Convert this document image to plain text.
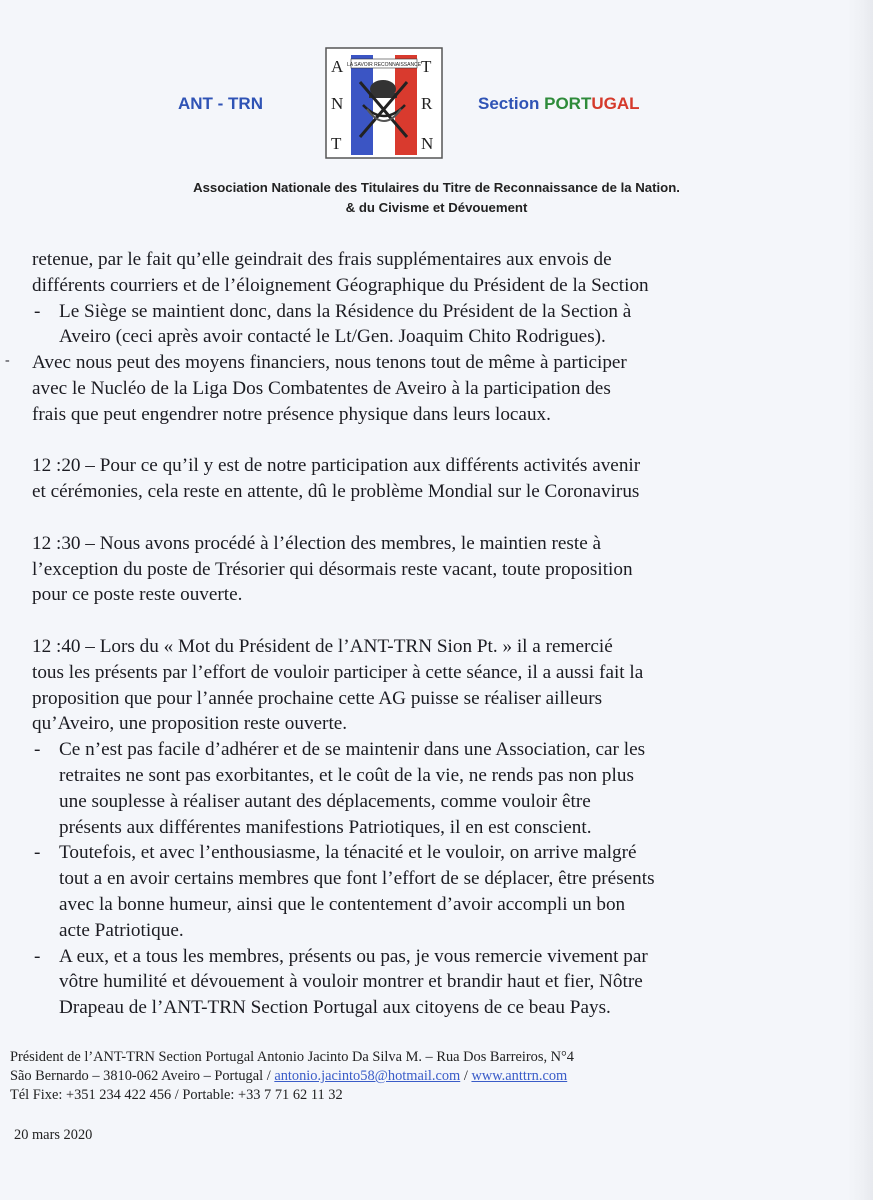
ANT - TRN
LA SAVOIR RECONNAISSANCE
A
N
T
T
R
N
Section PORTUGAL
Association Nationale des Titulaires du Titre de Reconnaissance de la Nation.
& du Civisme et Dévouement
retenue, par le fait qu’elle geindrait des frais supplémentaires aux envois de
différents courriers et de l’éloignement Géographique du Président de la Section
- Le Siège se maintient donc, dans la Résidence du Président de la Section à
Aveiro (ceci après avoir contacté le Lt/Gen. Joaquim Chito Rodrigues).
- Avec nous peut des moyens financiers, nous tenons tout de même à participer
avec le Nucléo de la Liga Dos Combatentes de Aveiro à la participation des
frais que peut engendrer notre présence physique dans leurs locaux.
12 :20 – Pour ce qu’il y est de notre participation aux différents activités avenir
et cérémonies, cela reste en attente, dû le problème Mondial sur le Coronavirus
12 :30 – Nous avons procédé à l’élection des membres, le maintien reste à
l’exception du poste de Trésorier qui désormais reste vacant, toute proposition
pour ce poste reste ouverte.
12 :40 – Lors du « Mot du Président de l’ANT-TRN Sion Pt. » il a remercié
tous les présents par l’effort de vouloir participer à cette séance, il a aussi fait la
proposition que pour l’année prochaine cette AG puisse se réaliser ailleurs
qu’Aveiro, une proposition reste ouverte.
- Ce n’est pas facile d’adhérer et de se maintenir dans une Association, car les
retraites ne sont pas exorbitantes, et le coût de la vie, ne rends pas non plus
une souplesse à réaliser autant des déplacements, comme vouloir être
présents aux différentes manifestions Patriotiques, il en est conscient.
- Toutefois, et avec l’enthousiasme, la ténacité et le vouloir, on arrive malgré
tout a en avoir certains membres que font l’effort de se déplacer, être présents
avec la bonne humeur, ainsi que le contentement d’avoir accompli un bon
acte Patriotique.
- A eux, et a tous les membres, présents ou pas, je vous remercie vivement par
vôtre humilité et dévouement à vouloir montrer et brandir haut et fier, Nôtre
Drapeau de l’ANT-TRN Section Portugal aux citoyens de ce beau Pays.
Président de l’ANT-TRN Section Portugal Antonio Jacinto Da Silva M. – Rua Dos Barreiros, N°4
São Bernardo – 3810-062 Aveiro – Portugal / antonio.jacinto58@hotmail.com / www.anttrn.com
Tél Fixe: +351 234 422 456 / Portable: +33 7 71 62 11 32
20 mars 2020
